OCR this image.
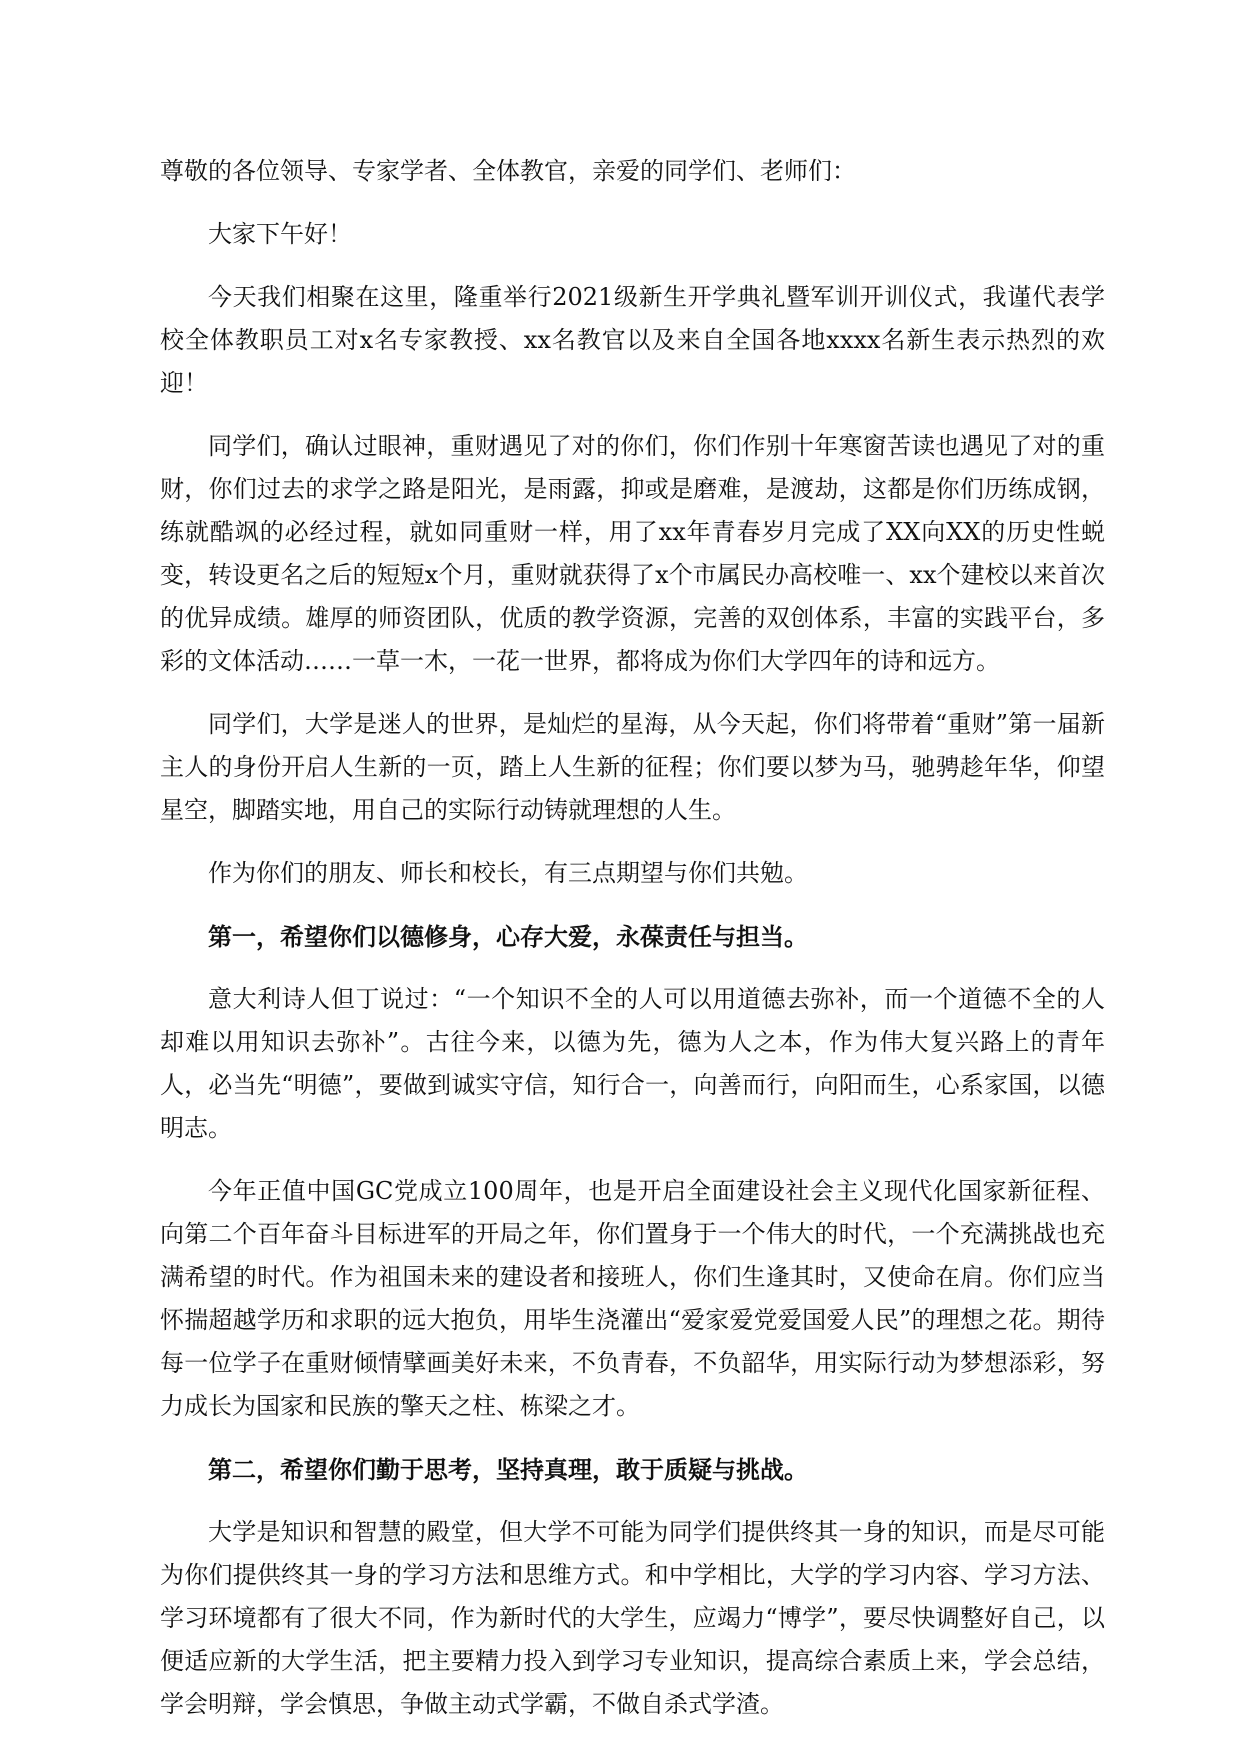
尊敬的各位领导、专家学者、全体教官，亲爱的同学们、老师们：

大家下午好！

今天我们相聚在这里，隆重举行2021级新生开学典礼暨军训开训仪式，我谨代表学校全体教职员工对x名专家教授、xx名教官以及来自全国各地xxxx名新生表示热烈的欢迎！

同学们，确认过眼神，重财遇见了对的你们，你们作别十年寒窗苦读也遇见了对的重财，你们过去的求学之路是阳光，是雨露，抑或是磨难，是渡劫，这都是你们历练成钢，练就酷飒的必经过程，就如同重财一样，用了xx年青春岁月完成了XX向XX的历史性蜕变，转设更名之后的短短x个月，重财就获得了x个市属民办高校唯一、xx个建校以来首次的优异成绩。雄厚的师资团队，优质的教学资源，完善的双创体系，丰富的实践平台，多彩的文体活动……一草一木，一花一世界，都将成为你们大学四年的诗和远方。

同学们，大学是迷人的世界，是灿烂的星海，从今天起，你们将带着“重财”第一届新主人的身份开启人生新的一页，踏上人生新的征程；你们要以梦为马，驰骋趁年华，仰望星空，脚踏实地，用自己的实际行动铸就理想的人生。

作为你们的朋友、师长和校长，有三点期望与你们共勉。

第一，希望你们以德修身，心存大爱，永葆责任与担当。

意大利诗人但丁说过：“一个知识不全的人可以用道德去弥补，而一个道德不全的人却难以用知识去弥补”。古往今来，以德为先，德为人之本，作为伟大复兴路上的青年人，必当先“明德”，要做到诚实守信，知行合一，向善而行，向阳而生，心系家国，以德明志。

今年正值中国GC党成立100周年，也是开启全面建设社会主义现代化国家新征程、向第二个百年奋斗目标进军的开局之年，你们置身于一个伟大的时代，一个充满挑战也充满希望的时代。作为祖国未来的建设者和接班人，你们生逢其时，又使命在肩。你们应当怀揣超越学历和求职的远大抱负，用毕生浇灌出“爱家爱党爱国爱人民”的理想之花。期待每一位学子在重财倾情擘画美好未来，不负青春，不负韶华，用实际行动为梦想添彩，努力成长为国家和民族的擎天之柱、栋梁之才。

第二，希望你们勤于思考，坚持真理，敢于质疑与挑战。

大学是知识和智慧的殿堂，但大学不可能为同学们提供终其一身的知识，而是尽可能为你们提供终其一身的学习方法和思维方式。和中学相比，大学的学习内容、学习方法、学习环境都有了很大不同，作为新时代的大学生，应竭力“博学”，要尽快调整好自己，以便适应新的大学生活，把主要精力投入到学习专业知识，提高综合素质上来，学会总结，学会明辩，学会慎思，争做主动式学霸，不做自杀式学渣。
